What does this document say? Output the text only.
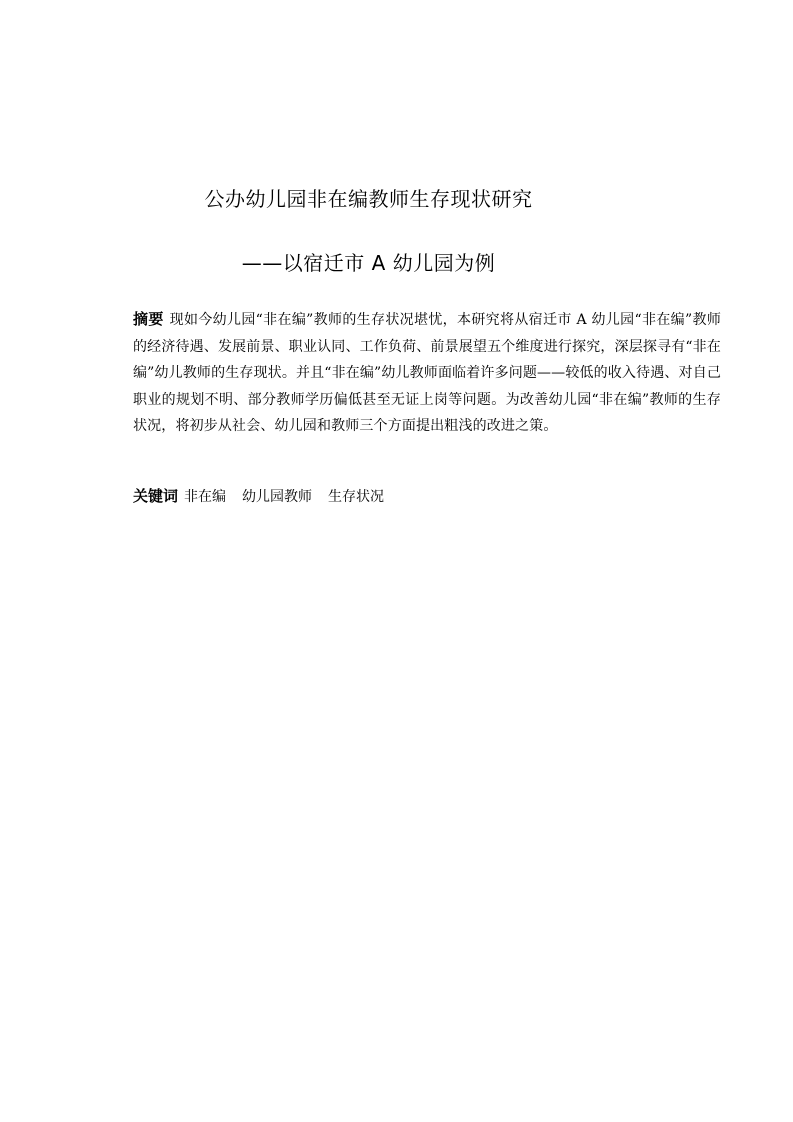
公办幼儿园非在编教师生存现状研究
——以宿迁市 A 幼儿园为例
摘要 现如今幼儿园“非在编”教师的生存状况堪忧，本研究将从宿迁市 A 幼儿园“非在编”教师的经济待遇、发展前景、职业认同、工作负荷、前景展望五个维度进行探究，深层探寻有“非在编”幼儿教师的生存现状。并且“非在编”幼儿教师面临着许多问题——较低的收入待遇、对自己职业的规划不明、部分教师学历偏低甚至无证上岗等问题。为改善幼儿园“非在编”教师的生存状况，将初步从社会、幼儿园和教师三个方面提出粗浅的改进之策。
关键词 非在编 幼儿园教师 生存状况
